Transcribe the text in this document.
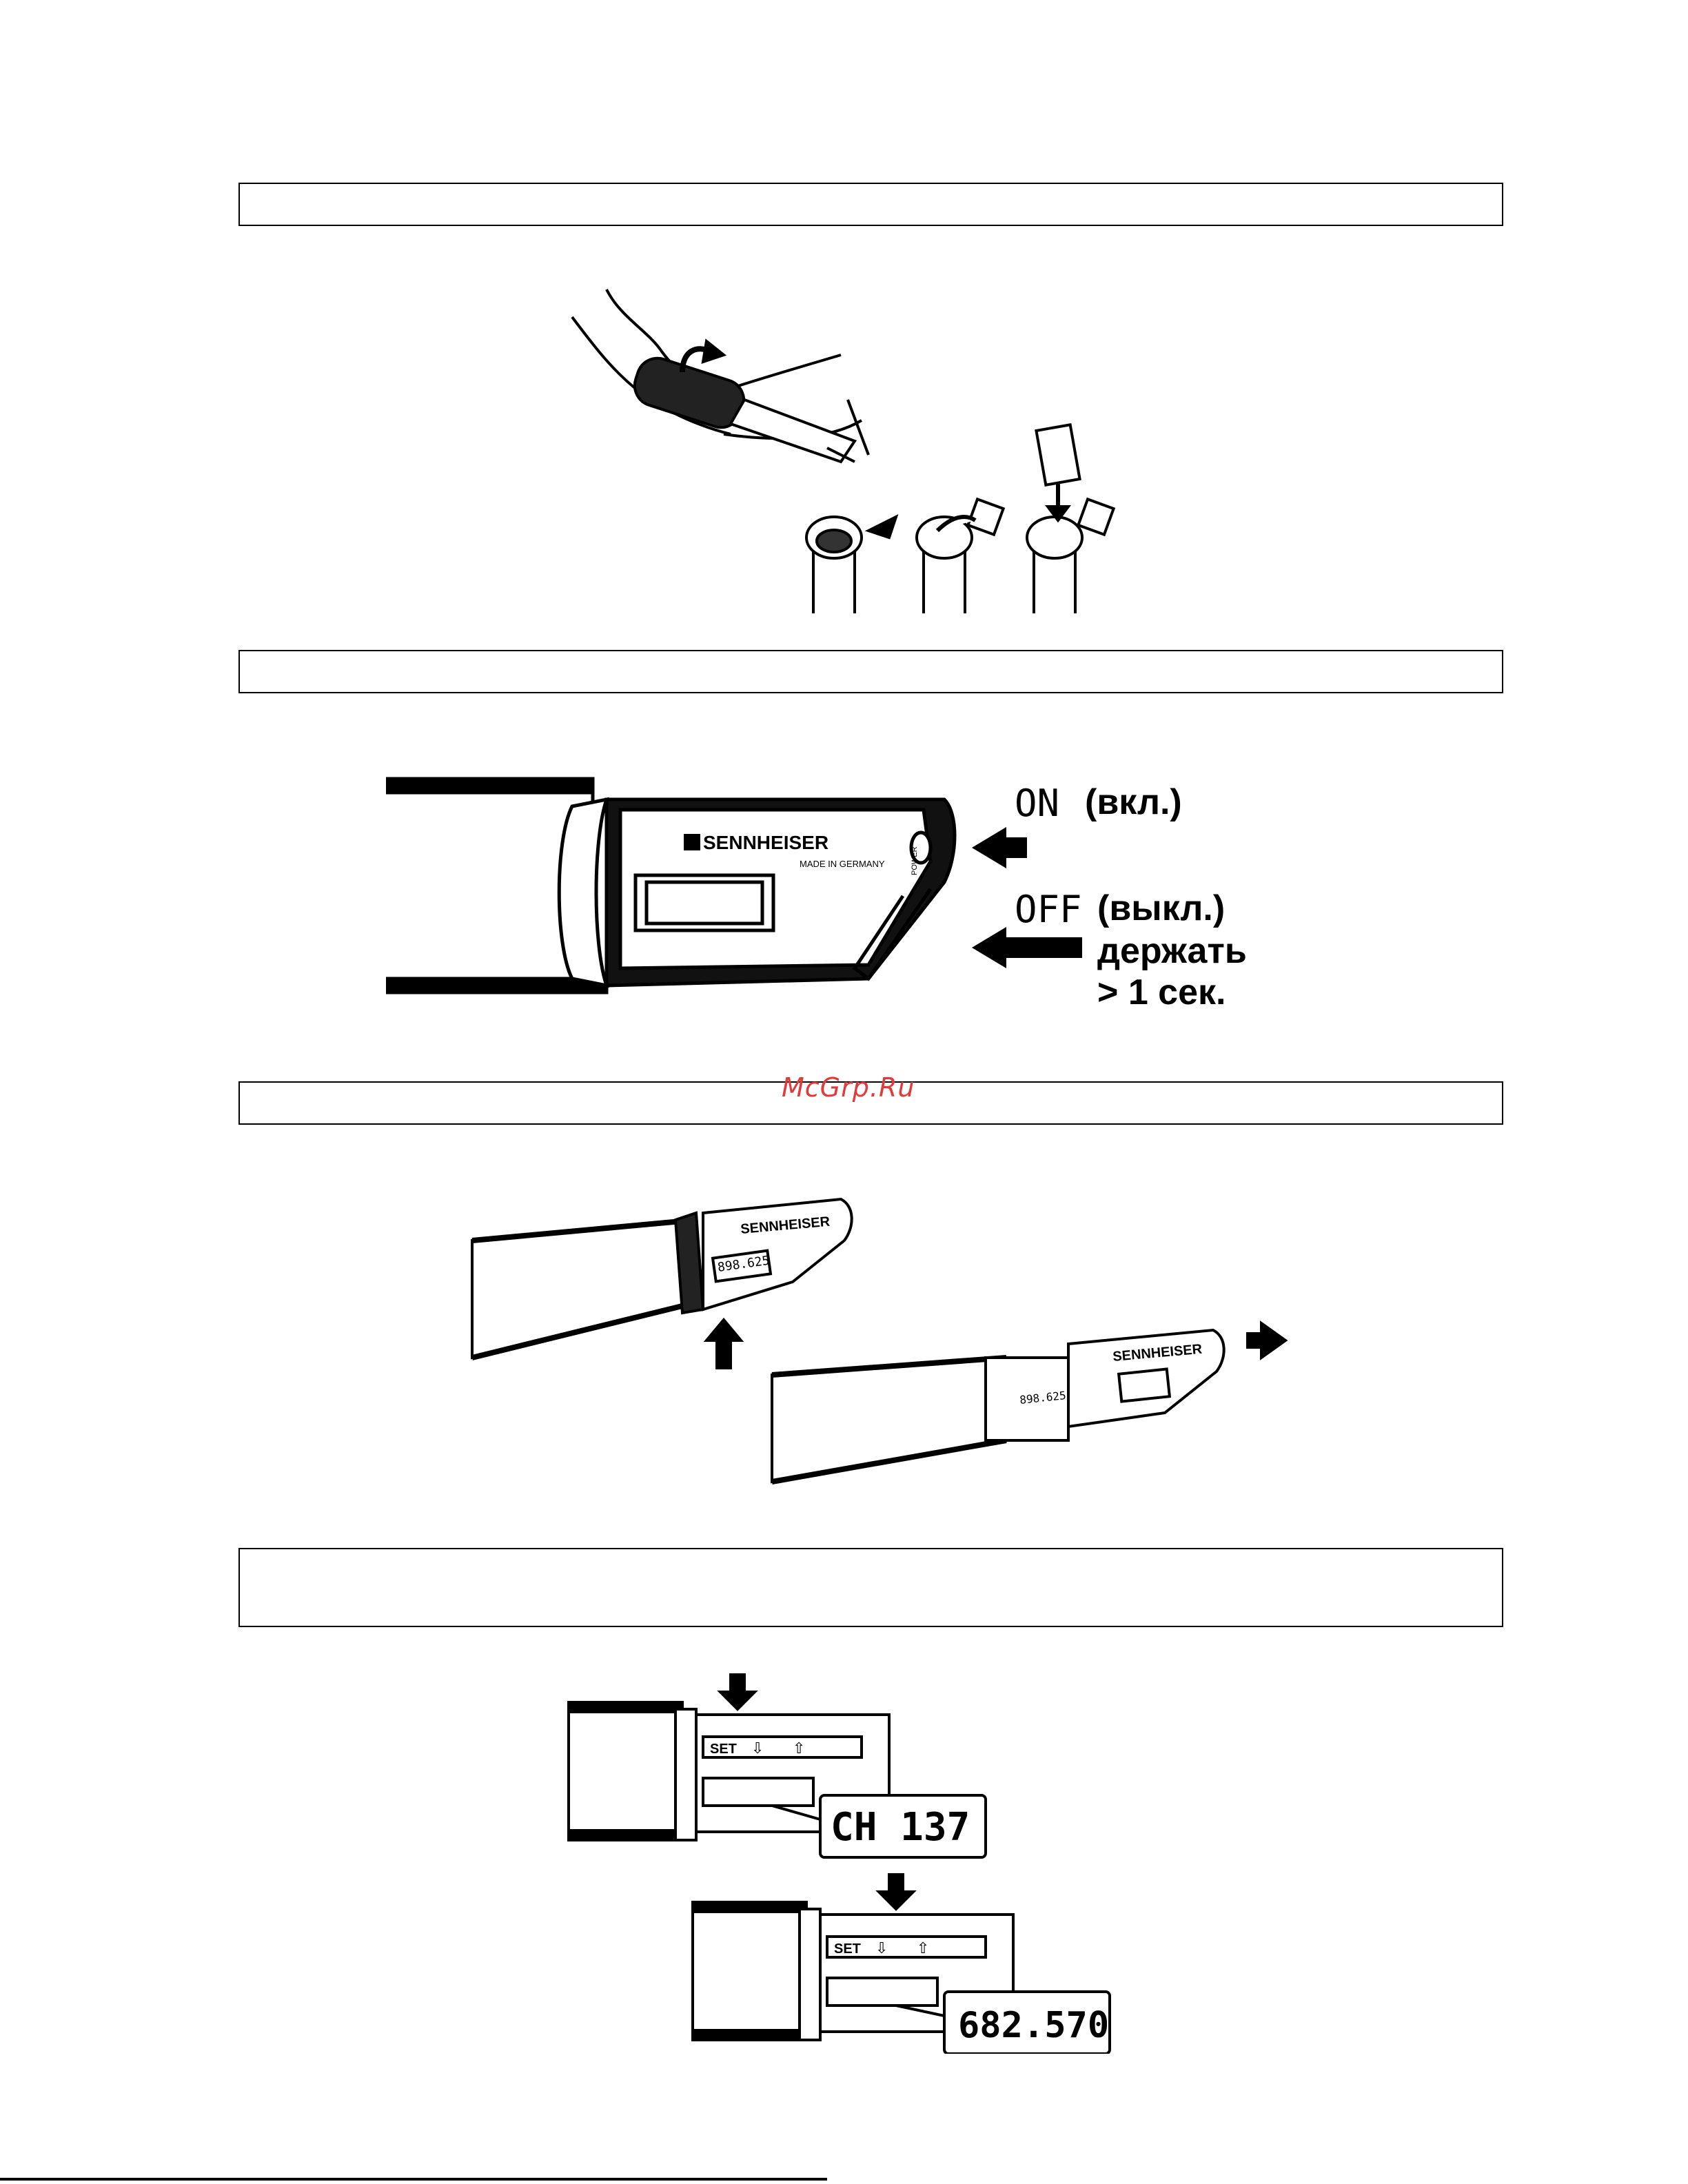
SENNHEISER
MADE IN GERMANY	POWER
ON (вкл.)
OFF (выкл.)
держать
> 1 сек.
McGrp.Ru
SENNHEISER
898.625
SENNHEISER
898.625
SET ⇩ ⇧
CH 137
SET ⇩ ⇧
682.570
